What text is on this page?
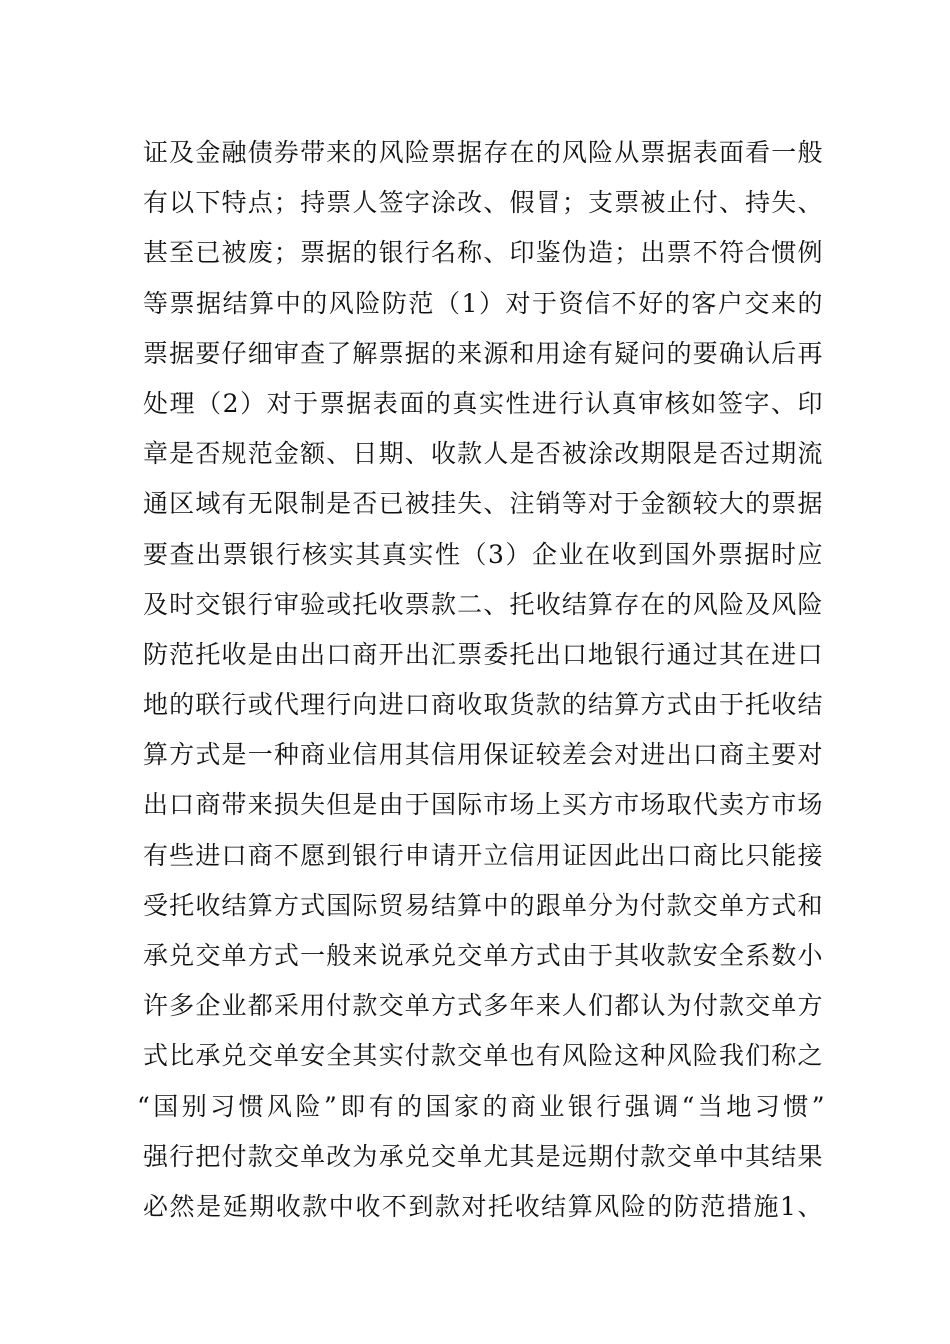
证及金融债券带来的风险票据存在的风险从票据表面看一般
有以下特点；持票人签字涂改、假冒；支票被止付、持失、
甚至已被废；票据的银行名称、印鉴伪造；出票不符合惯例
等票据结算中的风险防范（1）对于资信不好的客户交来的
票据要仔细审查了解票据的来源和用途有疑问的要确认后再
处理（2）对于票据表面的真实性进行认真审核如签字、印
章是否规范金额、日期、收款人是否被涂改期限是否过期流
通区域有无限制是否已被挂失、注销等对于金额较大的票据
要查出票银行核实其真实性（3）企业在收到国外票据时应
及时交银行审验或托收票款二、托收结算存在的风险及风险
防范托收是由出口商开出汇票委托出口地银行通过其在进口
地的联行或代理行向进口商收取货款的结算方式由于托收结
算方式是一种商业信用其信用保证较差会对进出口商主要对
出口商带来损失但是由于国际市场上买方市场取代卖方市场
有些进口商不愿到银行申请开立信用证因此出口商比只能接
受托收结算方式国际贸易结算中的跟单分为付款交单方式和
承兑交单方式一般来说承兑交单方式由于其收款安全系数小
许多企业都采用付款交单方式多年来人们都认为付款交单方
式比承兑交单安全其实付款交单也有风险这种风险我们称之
“国别习惯风险”即有的国家的商业银行强调“当地习惯”
强行把付款交单改为承兑交单尤其是远期付款交单中其结果
必然是延期收款中收不到款对托收结算风险的防范措施1、
